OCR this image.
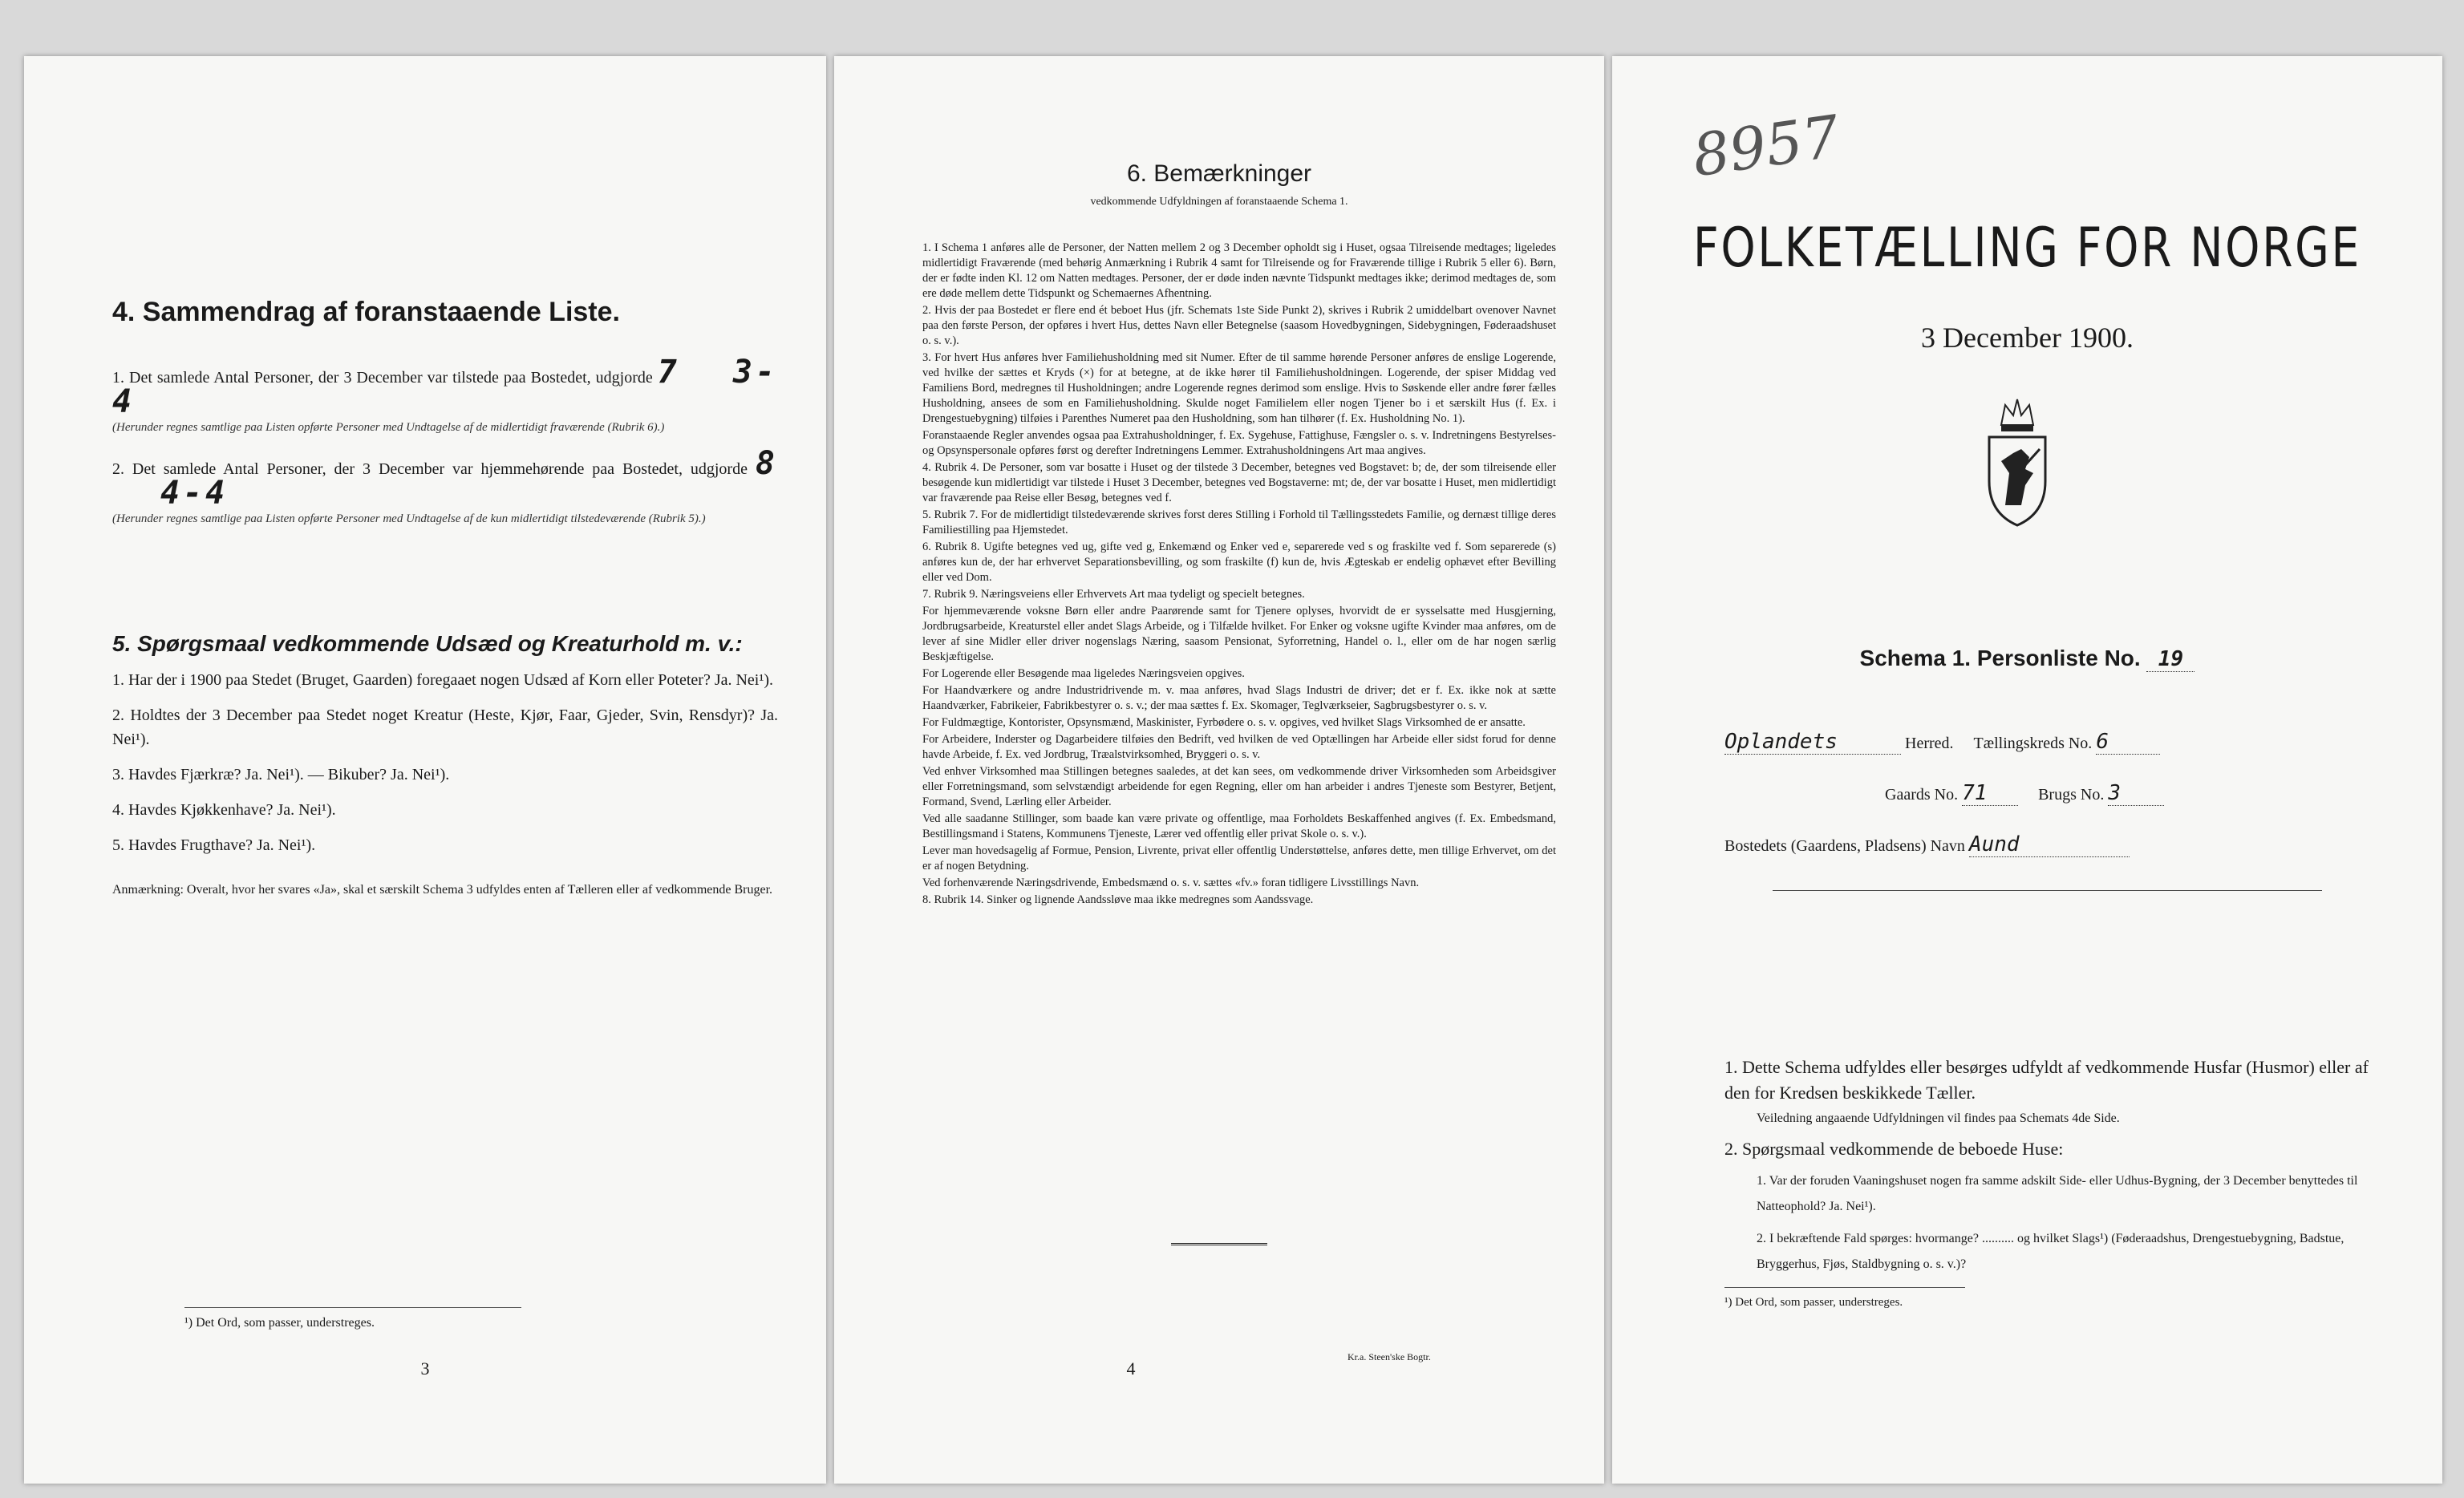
4. Sammendrag af foranstaaende Liste.
1. Det samlede Antal Personer, der 3 December var tilstede paa Bostedet, udgjorde 7 3-4
(Herunder regnes samtlige paa Listen opførte Personer med Undtagelse af de midlertidigt fraværende (Rubrik 6).)
2. Det samlede Antal Personer, der 3 December var hjemmehørende paa Bostedet, udgjorde 8 4-4
(Herunder regnes samtlige paa Listen opførte Personer med Undtagelse af de kun midlertidigt tilstedeværende (Rubrik 5).)
5. Spørgsmaal vedkommende Udsæd og Kreaturhold m. v.:
1. Har der i 1900 paa Stedet (Bruget, Gaarden) foregaaet nogen Udsæd af Korn eller Poteter? Ja. Nei¹).
2. Holdtes der 3 December paa Stedet noget Kreatur (Heste, Kjør, Faar, Gjeder, Svin, Rensdyr)? Ja. Nei¹).
3. Havdes Fjærkræ? Ja. Nei¹). — Bikuber? Ja. Nei¹).
4. Havdes Kjøkkenhave? Ja. Nei¹).
5. Havdes Frugthave? Ja. Nei¹).
Anmærkning: Overalt, hvor her svares «Ja», skal et særskilt Schema 3 udfyldes enten af Tælleren eller af vedkommende Bruger.
¹) Det Ord, som passer, understreges.
3
6. Bemærkninger
vedkommende Udfyldningen af foranstaaende Schema 1.

1. I Schema 1 anføres alle de Personer, der Natten mellem 2 og 3 December opholdt sig i Huset, ogsaa Tilreisende medtages; ligeledes midlertidigt Fraværende (med behørig Anmærkning i Rubrik 4 samt for Tilreisende og for Fraværende tillige i Rubrik 5 eller 6). Børn, der er fødte inden Kl. 12 om Natten medtages. Personer, der er døde inden nævnte Tidspunkt medtages ikke; derimod medtages de, som ere døde mellem dette Tidspunkt og Schemaernes Afhentning.

2. Hvis der paa Bostedet er flere end ét beboet Hus (jfr. Schemats 1ste Side Punkt 2), skrives i Rubrik 2 umiddelbart ovenover Navnet paa den første Person, der opføres i hvert Hus, dettes Navn eller Betegnelse (saasom Hovedbygningen, Sidebygningen, Føderaadshuset o. s. v.).

3. For hvert Hus anføres hver Familiehusholdning med sit Numer. Efter de til samme hørende Personer anføres de enslige Logerende, ved hvilke der sættes et Kryds (×) for at betegne, at de ikke hører til Familiehusholdningen. Logerende, der spiser Middag ved Familiens Bord, medregnes til Husholdningen; andre Logerende regnes derimod som enslige. Hvis to Søskende eller andre fører fælles Husholdning, ansees de som en Familiehusholdning. Skulde noget Familielem eller nogen Tjener bo i et særskilt Hus (f. Ex. i Drengestuebygning) tilføies i Parenthes Numeret paa den Husholdning, som han tilhører (f. Ex. Husholdning No. 1).

Foranstaaende Regler anvendes ogsaa paa Extrahusholdninger, f. Ex. Sygehuse, Fattighuse, Fængsler o. s. v. Indretningens Bestyrelses- og Opsynspersonale opføres først og derefter Indretningens Lemmer. Extrahusholdningens Art maa angives.

4. Rubrik 4. De Personer, som var bosatte i Huset og der tilstede 3 December, betegnes ved Bogstavet: b; de, der som tilreisende eller besøgende kun midlertidigt var tilstede i Huset 3 December, betegnes ved Bogstaverne: mt; de, der var bosatte i Huset, men midlertidigt var fraværende paa Reise eller Besøg, betegnes ved f.

5. Rubrik 7. For de midlertidigt tilstedeværende skrives forst deres Stilling i Forhold til Tællingsstedets Familie, og dernæst tillige deres Familiestilling paa Hjemstedet.

6. Rubrik 8. Ugifte betegnes ved ug, gifte ved g, Enkemænd og Enker ved e, separerede ved s og fraskilte ved f. Som separerede (s) anføres kun de, der har erhvervet Separationsbevilling, og som fraskilte (f) kun de, hvis Ægteskab er endelig ophævet efter Bevilling eller ved Dom.

7. Rubrik 9. Næringsveiens eller Erhvervets Art maa tydeligt og specielt betegnes.

For hjemmeværende voksne Børn eller andre Paarørende samt for Tjenere oplyses, hvorvidt de er sysselsatte med Husgjerning, Jordbrugsarbeide, Kreaturstel eller andet Slags Arbeide, og i Tilfælde hvilket. For Enker og voksne ugifte Kvinder maa anføres, om de lever af sine Midler eller driver nogenslags Næring, saasom Pensionat, Syforretning, Handel o. l., eller om de har nogen særlig Beskjæftigelse.

For Logerende eller Besøgende maa ligeledes Næringsveien opgives.

For Haandværkere og andre Industridrivende m. v. maa anføres, hvad Slags Industri de driver; det er f. Ex. ikke nok at sætte Haandværker, Fabrikeier, Fabrikbestyrer o. s. v.; der maa sættes f. Ex. Skomager, Teglværkseier, Sagbrugsbestyrer o. s. v.

For Fuldmægtige, Kontorister, Opsynsmænd, Maskinister, Fyrbødere o. s. v. opgives, ved hvilket Slags Virksomhed de er ansatte.

For Arbeidere, Inderster og Dagarbeidere tilføies den Bedrift, ved hvilken de ved Optællingen har Arbeide eller sidst forud for denne havde Arbeide, f. Ex. ved Jordbrug, Træalstvirksomhed, Bryggeri o. s. v.

Ved enhver Virksomhed maa Stillingen betegnes saaledes, at det kan sees, om vedkommende driver Virksomheden som Arbeidsgiver eller Forretningsmand, som selvstændigt arbeidende for egen Regning, eller om han arbeider i andres Tjeneste som Bestyrer, Betjent, Formand, Svend, Lærling eller Arbeider.

Ved alle saadanne Stillinger, som baade kan være private og offentlige, maa Forholdets Beskaffenhed angives (f. Ex. Embedsmand, Bestillingsmand i Statens, Kommunens Tjeneste, Lærer ved offentlig eller privat Skole o. s. v.).

Lever man hovedsagelig af Formue, Pension, Livrente, privat eller offentlig Understøttelse, anføres dette, men tillige Erhvervet, om det er af nogen Betydning.

Ved forhenværende Næringsdrivende, Embedsmænd o. s. v. sættes «fv.» foran tidligere Livsstillings Navn.

8. Rubrik 14. Sinker og lignende Aandssløve maa ikke medregnes som Aandssvage.

4
Kr.a. Steen'ske Bogtr.
8957
FOLKETÆLLING FOR NORGE
3 December 1900.
Schema 1. Personliste No. 19
Oplandets	Herred. Tællingskreds No. 6
Gaards No. 71	Brugs No. 3
Bostedets (Gaardens, Pladsens) Navn Aund
1. Dette Schema udfyldes eller besørges udfyldt af vedkommende Husfar (Husmor) eller af den for Kredsen beskikkede Tæller.
Veiledning angaaende Udfyldningen vil findes paa Schemats 4de Side.
2. Spørgsmaal vedkommende de beboede Huse:
1. Var der foruden Vaaningshuset nogen fra samme adskilt Side- eller Udhus-Bygning, der 3 December benyttedes til Natteophold? Ja. Nei¹).
2. I bekræftende Fald spørges: hvormange? .......... og hvilket Slags¹) (Føderaadshus, Drengestuebygning, Badstue, Bryggerhus, Fjøs, Staldbygning o. s. v.)?
¹) Det Ord, som passer, understreges.
